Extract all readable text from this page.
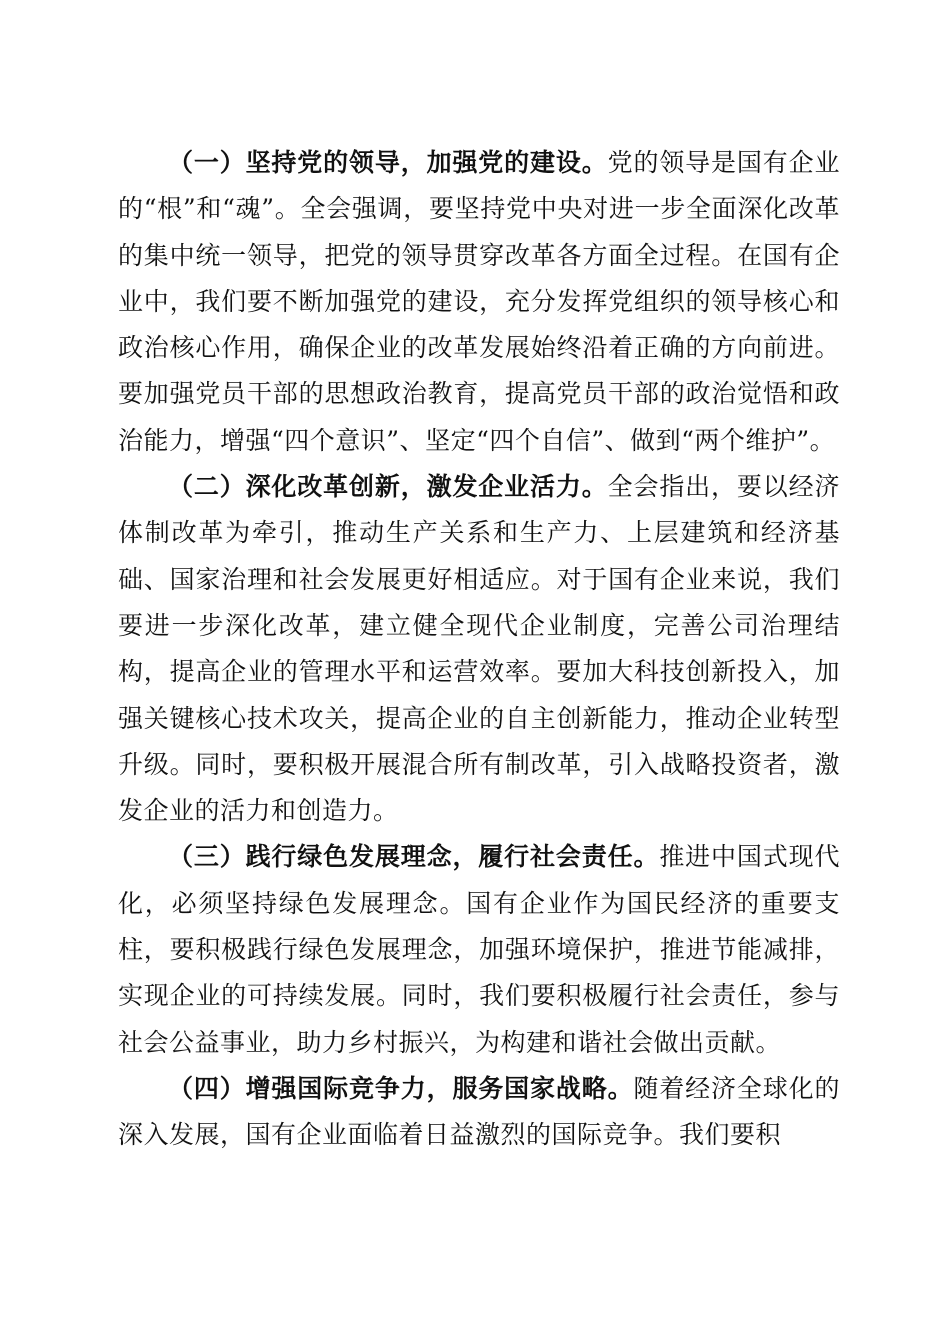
（一）坚持党的领导，加强党的建设。党的领导是国有企业的“根”和“魂”。全会强调，要坚持党中央对进一步全面深化改革的集中统一领导，把党的领导贯穿改革各方面全过程。在国有企业中，我们要不断加强党的建设，充分发挥党组织的领导核心和政治核心作用，确保企业的改革发展始终沿着正确的方向前进。要加强党员干部的思想政治教育，提高党员干部的政治觉悟和政治能力，增强“四个意识”、坚定“四个自信”、做到“两个维护”。

（二）深化改革创新，激发企业活力。全会指出，要以经济体制改革为牵引，推动生产关系和生产力、上层建筑和经济基础、国家治理和社会发展更好相适应。对于国有企业来说，我们要进一步深化改革，建立健全现代企业制度，完善公司治理结构，提高企业的管理水平和运营效率。要加大科技创新投入，加强关键核心技术攻关，提高企业的自主创新能力，推动企业转型升级。同时，要积极开展混合所有制改革，引入战略投资者，激发企业的活力和创造力。

（三）践行绿色发展理念，履行社会责任。推进中国式现代化，必须坚持绿色发展理念。国有企业作为国民经济的重要支柱，要积极践行绿色发展理念，加强环境保护，推进节能减排，实现企业的可持续发展。同时，我们要积极履行社会责任，参与社会公益事业，助力乡村振兴，为构建和谐社会做出贡献。

（四）增强国际竞争力，服务国家战略。随着经济全球化的深入发展，国有企业面临着日益激烈的国际竞争。我们要积
